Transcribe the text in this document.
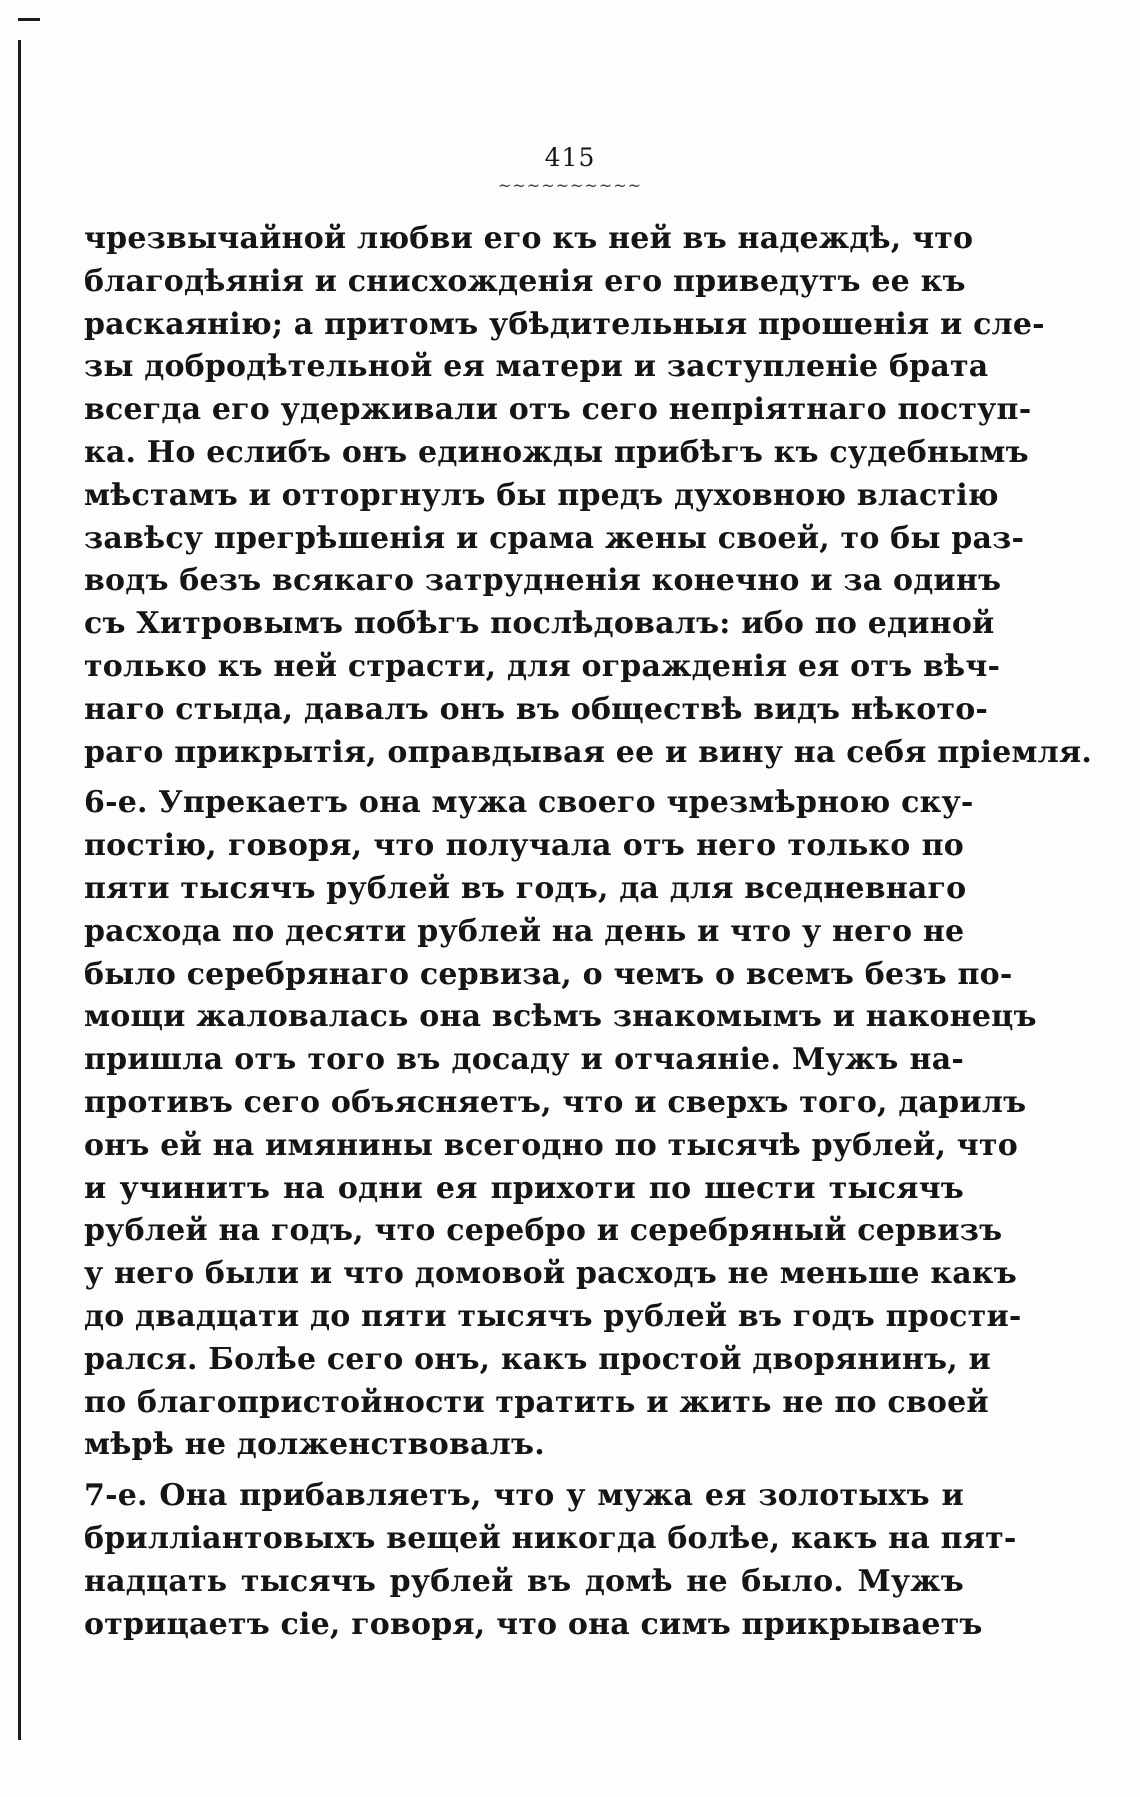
415
~~~~~~~~~~
чрезвычайной любви его къ ней въ надеждѣ, что
благодѣянія и снисхожденія его приведутъ ее къ
раскаянію; а притомъ убѣдительныя прошенія и сле-
зы добродѣтельной ея матери и заступленіе брата
всегда его удерживали отъ сего непріятнаго поступ-
ка. Но еслибъ онъ единожды прибѣгъ къ судебнымъ
мѣстамъ и отторгнулъ бы предъ духовною властію
завѣсу прегрѣшенія и срама жены своей, то бы раз-
водъ безъ всякаго затрудненія конечно и за одинъ
съ Хитровымъ побѣгъ послѣдовалъ: ибо по единой
только къ ней страсти, для огражденія ея отъ вѣч-
наго стыда, давалъ онъ въ обществѣ видъ нѣкото-
раго прикрытія, оправдывая ее и вину на себя пріемля.
6-е. Упрекаетъ она мужа своего чрезмѣрною ску-
постію, говоря, что получала отъ него только по
пяти тысячъ рублей въ годъ, да для вседневнаго
расхода по десяти рублей на день и что у него не
было серебрянаго сервиза, о чемъ о всемъ безъ по-
мощи жаловалась она всѣмъ знакомымъ и наконецъ
пришла отъ того въ досаду и отчаяніе. Мужъ на-
противъ сего объясняетъ, что и сверхъ того, дарилъ
онъ ей на имянины всегодно по тысячѣ рублей, что
и учинитъ на одни ея прихоти по шести тысячъ
рублей на годъ, что серебро и серебряный сервизъ
у него были и что домовой расходъ не меньше какъ
до двадцати до пяти тысячъ рублей въ годъ прости-
рался. Болѣе сего онъ, какъ простой дворянинъ, и
по благопристойности тратить и жить не по своей
мѣрѣ не долженствовалъ.
7-е. Она прибавляетъ, что у мужа ея золотыхъ и
бриллiантовыхъ вещей никогда болѣе, какъ на пят-
надцать тысячъ рублей въ домѣ не было. Мужъ
отрицаетъ сіе, говоря, что она симъ прикрываетъ
